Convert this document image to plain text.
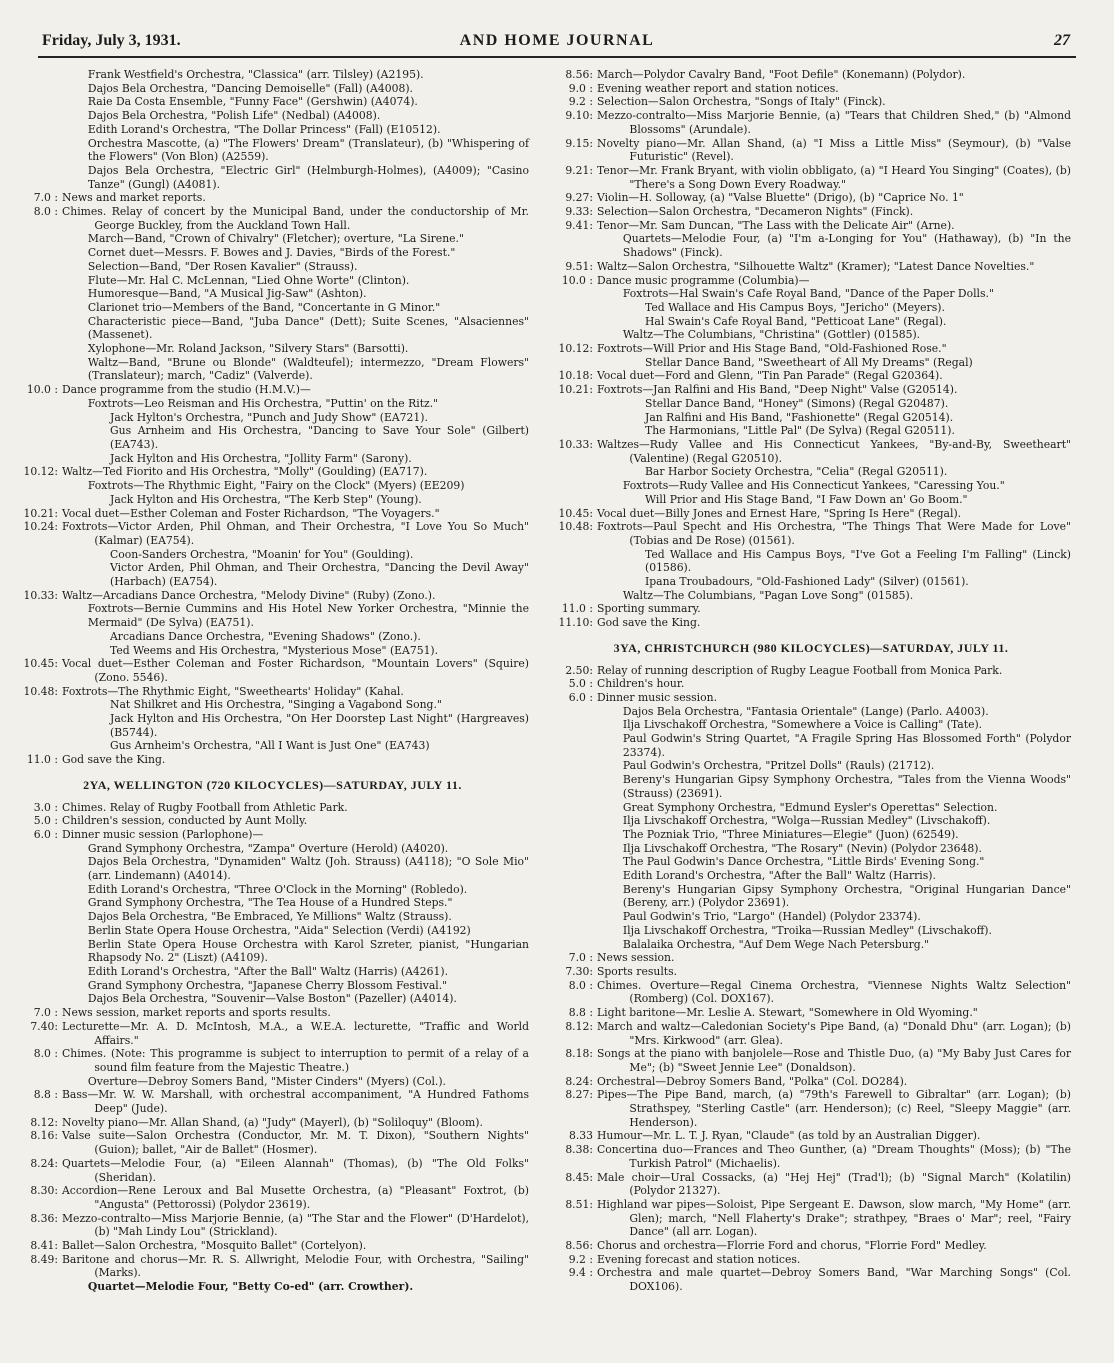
Friday, July 3, 1931.	AND HOME JOURNAL	27
Frank Westfield's Orchestra, "Classica" (arr. Tilsley) (A2195).
Dajos Bela Orchestra, "Dancing Demoiselle" (Fall) (A4008).
Raie Da Costa Ensemble, "Funny Face" (Gershwin) (A4074).
Dajos Bela Orchestra, "Polish Life" (Nedbal) (A4008).
Edith Lorand's Orchestra, "The Dollar Princess" (Fall) (E10512).
Orchestra Mascotte, (a) "The Flowers' Dream" (Translateur), (b) "Whispering of the Flowers" (Von Blon) (A2559).
Dajos Bela Orchestra, "Electric Girl" (Helmburgh-Holmes), (A4009); "Casino Tanze" (Gungl) (A4081).
7.0 : News and market reports.
8.0 : Chimes. Relay of concert by the Municipal Band, under the conductorship of Mr. George Buckley, from the Auckland Town Hall.
March—Band, "Crown of Chivalry" (Fletcher); overture, "La Sirene."
Cornet duet—Messrs. F. Bowes and J. Davies, "Birds of the Forest."
Selection—Band, "Der Rosen Kavalier" (Strauss).
Flute—Mr. Hal C. McLennan, "Lied Ohne Worte" (Clinton).
Humoresque—Band, "A Musical Jig-Saw" (Ashton).
Clarionet trio—Members of the Band, "Concertante in G Minor."
Characteristic piece—Band, "Juba Dance" (Dett); Suite Scenes, "Alsaciennes" (Massenet).
Xylophone—Mr. Roland Jackson, "Silvery Stars" (Barsotti).
Waltz—Band, "Brune ou Blonde" (Waldteufel); intermezzo, "Dream Flowers" (Translateur); march, "Cadiz" (Valverde).
10.0 : Dance programme from the studio (H.M.V.)—
Foxtrots—Leo Reisman and His Orchestra, "Puttin' on the Ritz."
Jack Hylton's Orchestra, "Punch and Judy Show" (EA721).
Gus Arnheim and His Orchestra, "Dancing to Save Your Sole" (Gilbert) (EA743).
Jack Hylton and His Orchestra, "Jollity Farm" (Sarony).
10.12: Waltz—Ted Fiorito and His Orchestra, "Molly" (Goulding) (EA717).
Foxtrots—The Rhythmic Eight, "Fairy on the Clock" (Myers) (EE209)
Jack Hylton and His Orchestra, "The Kerb Step" (Young).
10.21: Vocal duet—Esther Coleman and Foster Richardson, "The Voyagers."
10.24: Foxtrots—Victor Arden, Phil Ohman, and Their Orchestra, "I Love You So Much" (Kalmar) (EA754).
Coon-Sanders Orchestra, "Moanin' for You" (Goulding).
Victor Arden, Phil Ohman, and Their Orchestra, "Dancing the Devil Away" (Harbach) (EA754).
10.33: Waltz—Arcadians Dance Orchestra, "Melody Divine" (Ruby) (Zono.).
Foxtrots—Bernie Cummins and His Hotel New Yorker Orchestra, "Minnie the Mermaid" (De Sylva) (EA751).
Arcadians Dance Orchestra, "Evening Shadows" (Zono.).
Ted Weems and His Orchestra, "Mysterious Mose" (EA751).
10.45: Vocal duet—Esther Coleman and Foster Richardson, "Mountain Lovers" (Squire) (Zono. 5546).
10.48: Foxtrots—The Rhythmic Eight, "Sweethearts' Holiday" (Kahal.
Nat Shilkret and His Orchestra, "Singing a Vagabond Song."
Jack Hylton and His Orchestra, "On Her Doorstep Last Night" (Hargreaves) (B5744).
Gus Arnheim's Orchestra, "All I Want is Just One" (EA743)
11.0 : God save the King.
2YA, WELLINGTON (720 KILOCYCLES)—SATURDAY, JULY 11.
3.0 : Chimes. Relay of Rugby Football from Athletic Park.
5.0 : Children's session, conducted by Aunt Molly.
6.0 : Dinner music session (Parlophone)—
Grand Symphony Orchestra, "Zampa" Overture (Herold) (A4020).
Dajos Bela Orchestra, "Dynamiden" Waltz (Joh. Strauss) (A4118); "O Sole Mio" (arr. Lindemann) (A4014).
Edith Lorand's Orchestra, "Three O'Clock in the Morning" (Robledo).
Grand Symphony Orchestra, "The Tea House of a Hundred Steps."
Dajos Bela Orchestra, "Be Embraced, Ye Millions" Waltz (Strauss).
Berlin State Opera House Orchestra, "Aida" Selection (Verdi) (A4192)
Berlin State Opera House Orchestra with Karol Szreter, pianist, "Hungarian Rhapsody No. 2" (Liszt) (A4109).
Edith Lorand's Orchestra, "After the Ball" Waltz (Harris) (A4261).
Grand Symphony Orchestra, "Japanese Cherry Blossom Festival."
Dajos Bela Orchestra, "Souvenir—Valse Boston" (Pazeller) (A4014).
7.0 : News session, market reports and sports results.
7.40: Lecturette—Mr. A. D. McIntosh, M.A., a W.E.A. lecturette, "Traffic and World Affairs."
8.0 : Chimes. (Note: This programme is subject to interruption to permit of a relay of a sound film feature from the Majestic Theatre.)
Overture—Debroy Somers Band, "Mister Cinders" (Myers) (Col.).
8.8 : Bass—Mr. W. W. Marshall, with orchestral accompaniment, "A Hundred Fathoms Deep" (Jude).
8.12: Novelty piano—Mr. Allan Shand, (a) "Judy" (Mayerl), (b) "Soliloquy" (Bloom).
8.16: Valse suite—Salon Orchestra (Conductor, Mr. M. T. Dixon), "Southern Nights" (Guion); ballet, "Air de Ballet" (Hosmer).
8.24: Quartets—Melodie Four, (a) "Eileen Alannah" (Thomas), (b) "The Old Folks" (Sheridan).
8.30: Accordion—Rene Leroux and Bal Musette Orchestra, (a) "Pleasant" Foxtrot, (b) "Angusta" (Pettorossi) (Polydor 23619).
8.36: Mezzo-contralto—Miss Marjorie Bennie, (a) "The Star and the Flower" (D'Hardelot), (b) "Mah Lindy Lou" (Strickland).
8.41: Ballet—Salon Orchestra, "Mosquito Ballet" (Cortelyon).
8.49: Baritone and chorus—Mr. R. S. Allwright, Melodie Four, with Orchestra, "Sailing" (Marks).
Quartet—Melodie Four, "Betty Co-ed" (arr. Crowther).
8.56: March—Polydor Cavalry Band, "Foot Defile" (Konemann) (Polydor).
9.0 : Evening weather report and station notices.
9.2 : Selection—Salon Orchestra, "Songs of Italy" (Finck).
9.10: Mezzo-contralto—Miss Marjorie Bennie, (a) "Tears that Children Shed," (b) "Almond Blossoms" (Arundale).
9.15: Novelty piano—Mr. Allan Shand, (a) "I Miss a Little Miss" (Seymour), (b) "Valse Futuristic" (Revel).
9.21: Tenor—Mr. Frank Bryant, with violin obbligato, (a) "I Heard You Singing" (Coates), (b) "There's a Song Down Every Roadway."
9.27: Violin—H. Solloway, (a) "Valse Bluette" (Drigo), (b) "Caprice No. 1"
9.33: Selection—Salon Orchestra, "Decameron Nights" (Finck).
9.41: Tenor—Mr. Sam Duncan, "The Lass with the Delicate Air" (Arne).
Quartets—Melodie Four, (a) "I'm a-Longing for You" (Hathaway), (b) "In the Shadows" (Finck).
9.51: Waltz—Salon Orchestra, "Silhouette Waltz" (Kramer); "Latest Dance Novelties."
10.0 : Dance music programme (Columbia)—
Foxtrots—Hal Swain's Cafe Royal Band, "Dance of the Paper Dolls."
Ted Wallace and His Campus Boys, "Jericho" (Meyers).
Hal Swain's Cafe Royal Band, "Petticoat Lane" (Regal).
Waltz—The Columbians, "Christina" (Gottler) (01585).
10.12: Foxtrots—Will Prior and His Stage Band, "Old-Fashioned Rose."
Stellar Dance Band, "Sweetheart of All My Dreams" (Regal)
10.18: Vocal duet—Ford and Glenn, "Tin Pan Parade" (Regal G20364).
10.21: Foxtrots—Jan Ralfini and His Band, "Deep Night" Valse (G20514).
Stellar Dance Band, "Honey" (Simons) (Regal G20487).
Jan Ralfini and His Band, "Fashionette" (Regal G20514).
The Harmonians, "Little Pal" (De Sylva) (Regal G20511).
10.33: Waltzes—Rudy Vallee and His Connecticut Yankees, "By-and-By, Sweetheart" (Valentine) (Regal G20510).
Bar Harbor Society Orchestra, "Celia" (Regal G20511).
Foxtrots—Rudy Vallee and His Connecticut Yankees, "Caressing You."
Will Prior and His Stage Band, "I Faw Down an' Go Boom."
10.45: Vocal duet—Billy Jones and Ernest Hare, "Spring Is Here" (Regal).
10.48: Foxtrots—Paul Specht and His Orchestra, "The Things That Were Made for Love" (Tobias and De Rose) (01561).
Ted Wallace and His Campus Boys, "I've Got a Feeling I'm Falling" (Linck) (01586).
Ipana Troubadours, "Old-Fashioned Lady" (Silver) (01561).
Waltz—The Columbians, "Pagan Love Song" (01585).
11.0 : Sporting summary.
11.10: God save the King.
3YA, CHRISTCHURCH (980 KILOCYCLES)—SATURDAY, JULY 11.
2.50: Relay of running description of Rugby League Football from Monica Park.
5.0 : Children's hour.
6.0 : Dinner music session.
Dajos Bela Orchestra, "Fantasia Orientale" (Lange) (Parlo. A4003).
Ilja Livschakoff Orchestra, "Somewhere a Voice is Calling" (Tate).
Paul Godwin's String Quartet, "A Fragile Spring Has Blossomed Forth" (Polydor 23374).
Paul Godwin's Orchestra, "Pritzel Dolls" (Rauls) (21712).
Bereny's Hungarian Gipsy Symphony Orchestra, "Tales from the Vienna Woods" (Strauss) (23691).
Great Symphony Orchestra, "Edmund Eysler's Operettas" Selection.
Ilja Livschakoff Orchestra, "Wolga—Russian Medley" (Livschakoff).
The Pozniak Trio, "Three Miniatures—Elegie" (Juon) (62549).
Ilja Livschakoff Orchestra, "The Rosary" (Nevin) (Polydor 23648).
The Paul Godwin's Dance Orchestra, "Little Birds' Evening Song."
Edith Lorand's Orchestra, "After the Ball" Waltz (Harris).
Bereny's Hungarian Gipsy Symphony Orchestra, "Original Hungarian Dance" (Bereny, arr.) (Polydor 23691).
Paul Godwin's Trio, "Largo" (Handel) (Polydor 23374).
Ilja Livschakoff Orchestra, "Troika—Russian Medley" (Livschakoff).
Balalaika Orchestra, "Auf Dem Wege Nach Petersburg."
7.0 : News session.
7.30: Sports results.
8.0 : Chimes. Overture—Regal Cinema Orchestra, "Viennese Nights Waltz Selection" (Romberg) (Col. DOX167).
8.8 : Light baritone—Mr. Leslie A. Stewart, "Somewhere in Old Wyoming."
8.12: March and waltz—Caledonian Society's Pipe Band, (a) "Donald Dhu" (arr. Logan); (b) "Mrs. Kirkwood" (arr. Glea).
8.18: Songs at the piano with banjolele—Rose and Thistle Duo, (a) "My Baby Just Cares for Me"; (b) "Sweet Jennie Lee" (Donaldson).
8.24: Orchestral—Debroy Somers Band, "Polka" (Col. DO284).
8.27: Pipes—The Pipe Band, march, (a) "79th's Farewell to Gibraltar" (arr. Logan); (b) Strathspey, "Sterling Castle" (arr. Henderson); (c) Reel, "Sleepy Maggie" (arr. Henderson).
8.33 Humour—Mr. L. T. J. Ryan, "Claude" (as told by an Australian Digger).
8.38: Concertina duo—Frances and Theo Gunther, (a) "Dream Thoughts" (Moss); (b) "The Turkish Patrol" (Michaelis).
8.45: Male choir—Ural Cossacks, (a) "Hej Hej" (Trad'l); (b) "Signal March" (Kolatilin) (Polydor 21327).
8.51: Highland war pipes—Soloist, Pipe Sergeant E. Dawson, slow march, "My Home" (arr. Glen); march, "Nell Flaherty's Drake"; strathpey, "Braes o' Mar"; reel, "Fairy Dance" (all arr. Logan).
8.56: Chorus and orchestra—Florrie Ford and chorus, "Florrie Ford" Medley.
9.2 : Evening forecast and station notices.
9.4 : Orchestra and male quartet—Debroy Somers Band, "War Marching Songs" (Col. DOX106).
